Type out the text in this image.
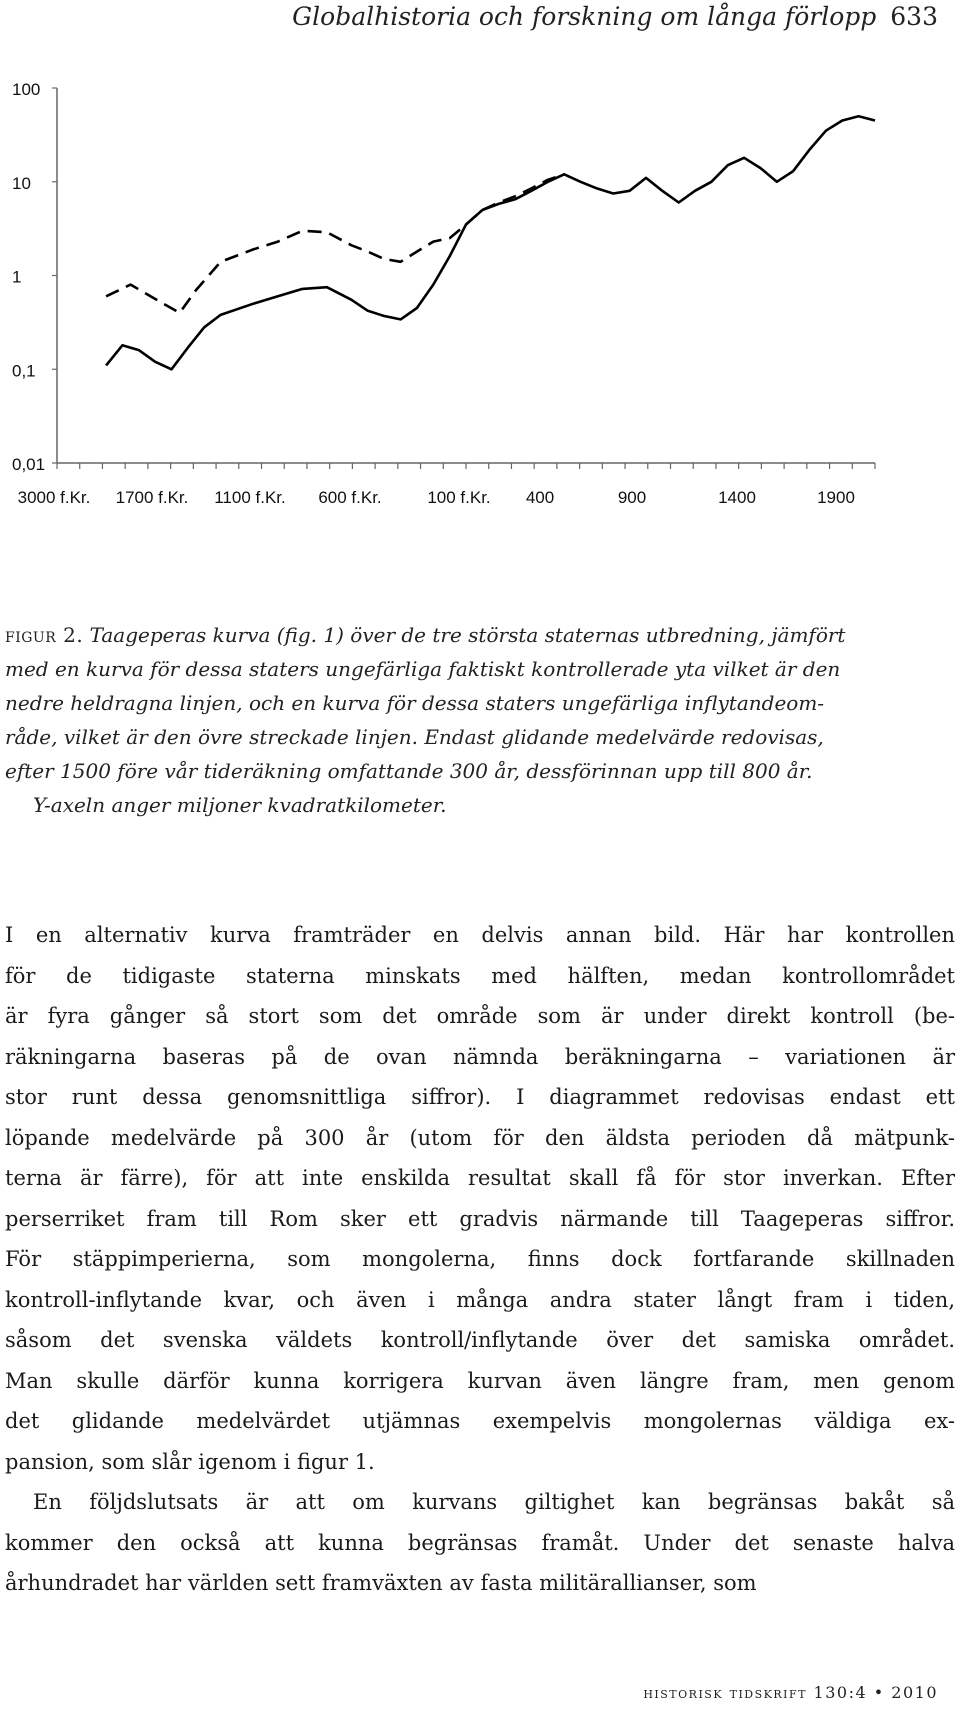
Globalhistoria och forskning om långa förlopp 633
100
10
1
0,1
0,01
3000 f.Kr. 1700 f.Kr. 1100 f.Kr. 600 f.Kr.	100 f.Kr. 400	900	1400	1900
figur 2. Taageperas kurva (fig. 1) över de tre största staternas utbredning, jämfört
med en kurva för dessa staters ungefärliga faktiskt kontrollerade yta vilket är den
nedre heldragna linjen, och en kurva för dessa staters ungefärliga inflytandeom-
råde, vilket är den övre streckade linjen. Endast glidande medelvärde redovisas,
efter 1500 före vår tideräkning omfattande 300 år, dessförinnan upp till 800 år.
Y-axeln anger miljoner kvadratkilometer.
I en alternativ kurva framträder en delvis annan bild. Här har kontrollen
för de tidigaste staterna minskats med hälften, medan kontrollområdet
är fyra gånger så stort som det område som är under direkt kontroll (be-
räkningarna baseras på de ovan nämnda beräkningarna – variationen är
stor runt dessa genomsnittliga siffror). I diagrammet redovisas endast ett
löpande medelvärde på 300 år (utom för den äldsta perioden då mätpunk-
terna är färre), för att inte enskilda resultat skall få för stor inverkan. Efter
perserriket fram till Rom sker ett gradvis närmande till Taageperas siffror.
För stäppimperierna, som mongolerna, finns dock fortfarande skillnaden
kontroll-inflytande kvar, och även i många andra stater långt fram i tiden,
såsom det svenska väldets kontroll/inflytande över det samiska området.
Man skulle därför kunna korrigera kurvan även längre fram, men genom
det glidande medelvärdet utjämnas exempelvis mongolernas väldiga ex-
pansion, som slår igenom i figur 1.
En följdslutsats är att om kurvans giltighet kan begränsas bakåt så
kommer den också att kunna begränsas framåt. Under det senaste halva
århundradet har världen sett framväxten av fasta militärallianser, som
historisk tidskrift 130:4 • 2010
